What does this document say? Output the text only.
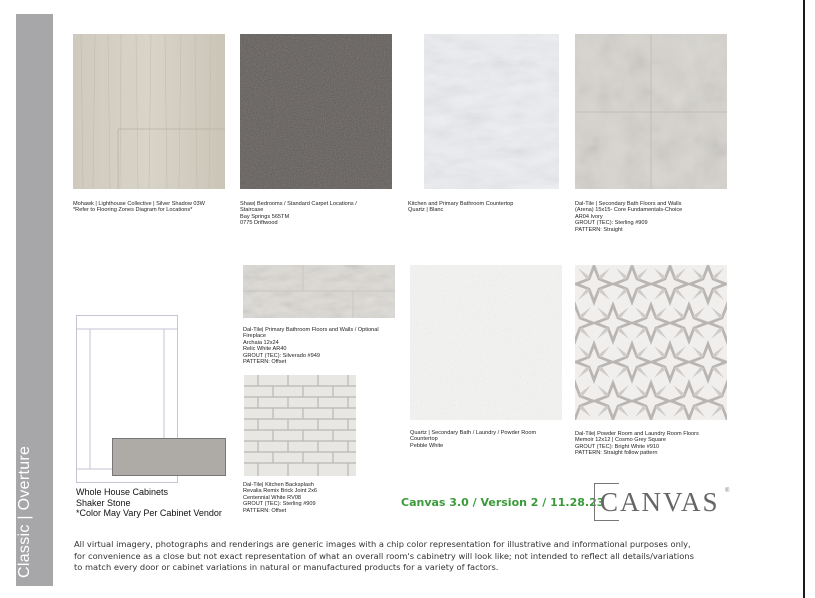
Classic | Overture
Mohawk | Lighthouse Collective | Silver Shadow 03W
*Refer to Flooring Zones Diagram for Locations*
Shaw| Bedrooms / Standard Carpet Locations /
Staircase
Bay Springs 565TM
0775 Driftwood
Kitchen and Primary Bathroom Countertop
Quartz | Blanc
Dal-Tile | Secondary Bath Floors and Walls
(Arena) 15x15- Core Fundamentals-Choice
AR04 Ivory
GROUT (TEC): Sterling #909
PATTERN: Straight
Whole House Cabinets
Shaker Stone
*Color May Vary Per Cabinet Vendor
Dal-Tile| Primary Bathroom Floors and Walls / Optional
Fireplace
Archaia 12x24
Relic White AR40
GROUT (TEC): Silverado #949
PATTERN: Offset
Dal-Tile| Kitchen Backsplash
Revalia Remix Brick Joint 2x6
Centennial White RV08
GROUT (TEC): Sterling #909
PATTERN: Offset
Quartz | Secondary Bath / Laundry / Powder Room
Countertop
Pebble White
Dal-Tile| Powder Room and Laundry Room Floors
Memoir 12x12 | Cosmo Grey Square
GROUT (TEC): Bright White #910
PATTERN: Straight follow pattern
Canvas 3.0 / Version 2 / 11.28.23
CANVAS ®
All virtual imagery, photographs and renderings are generic images with a chip color representation for illustrative and informational purposes only, for convenience as a close but not exact representation of what an overall room's cabinetry will look like; not intended to reflect all details/variations to match every door or cabinet variations in natural or manufactured products for a variety of factors.
